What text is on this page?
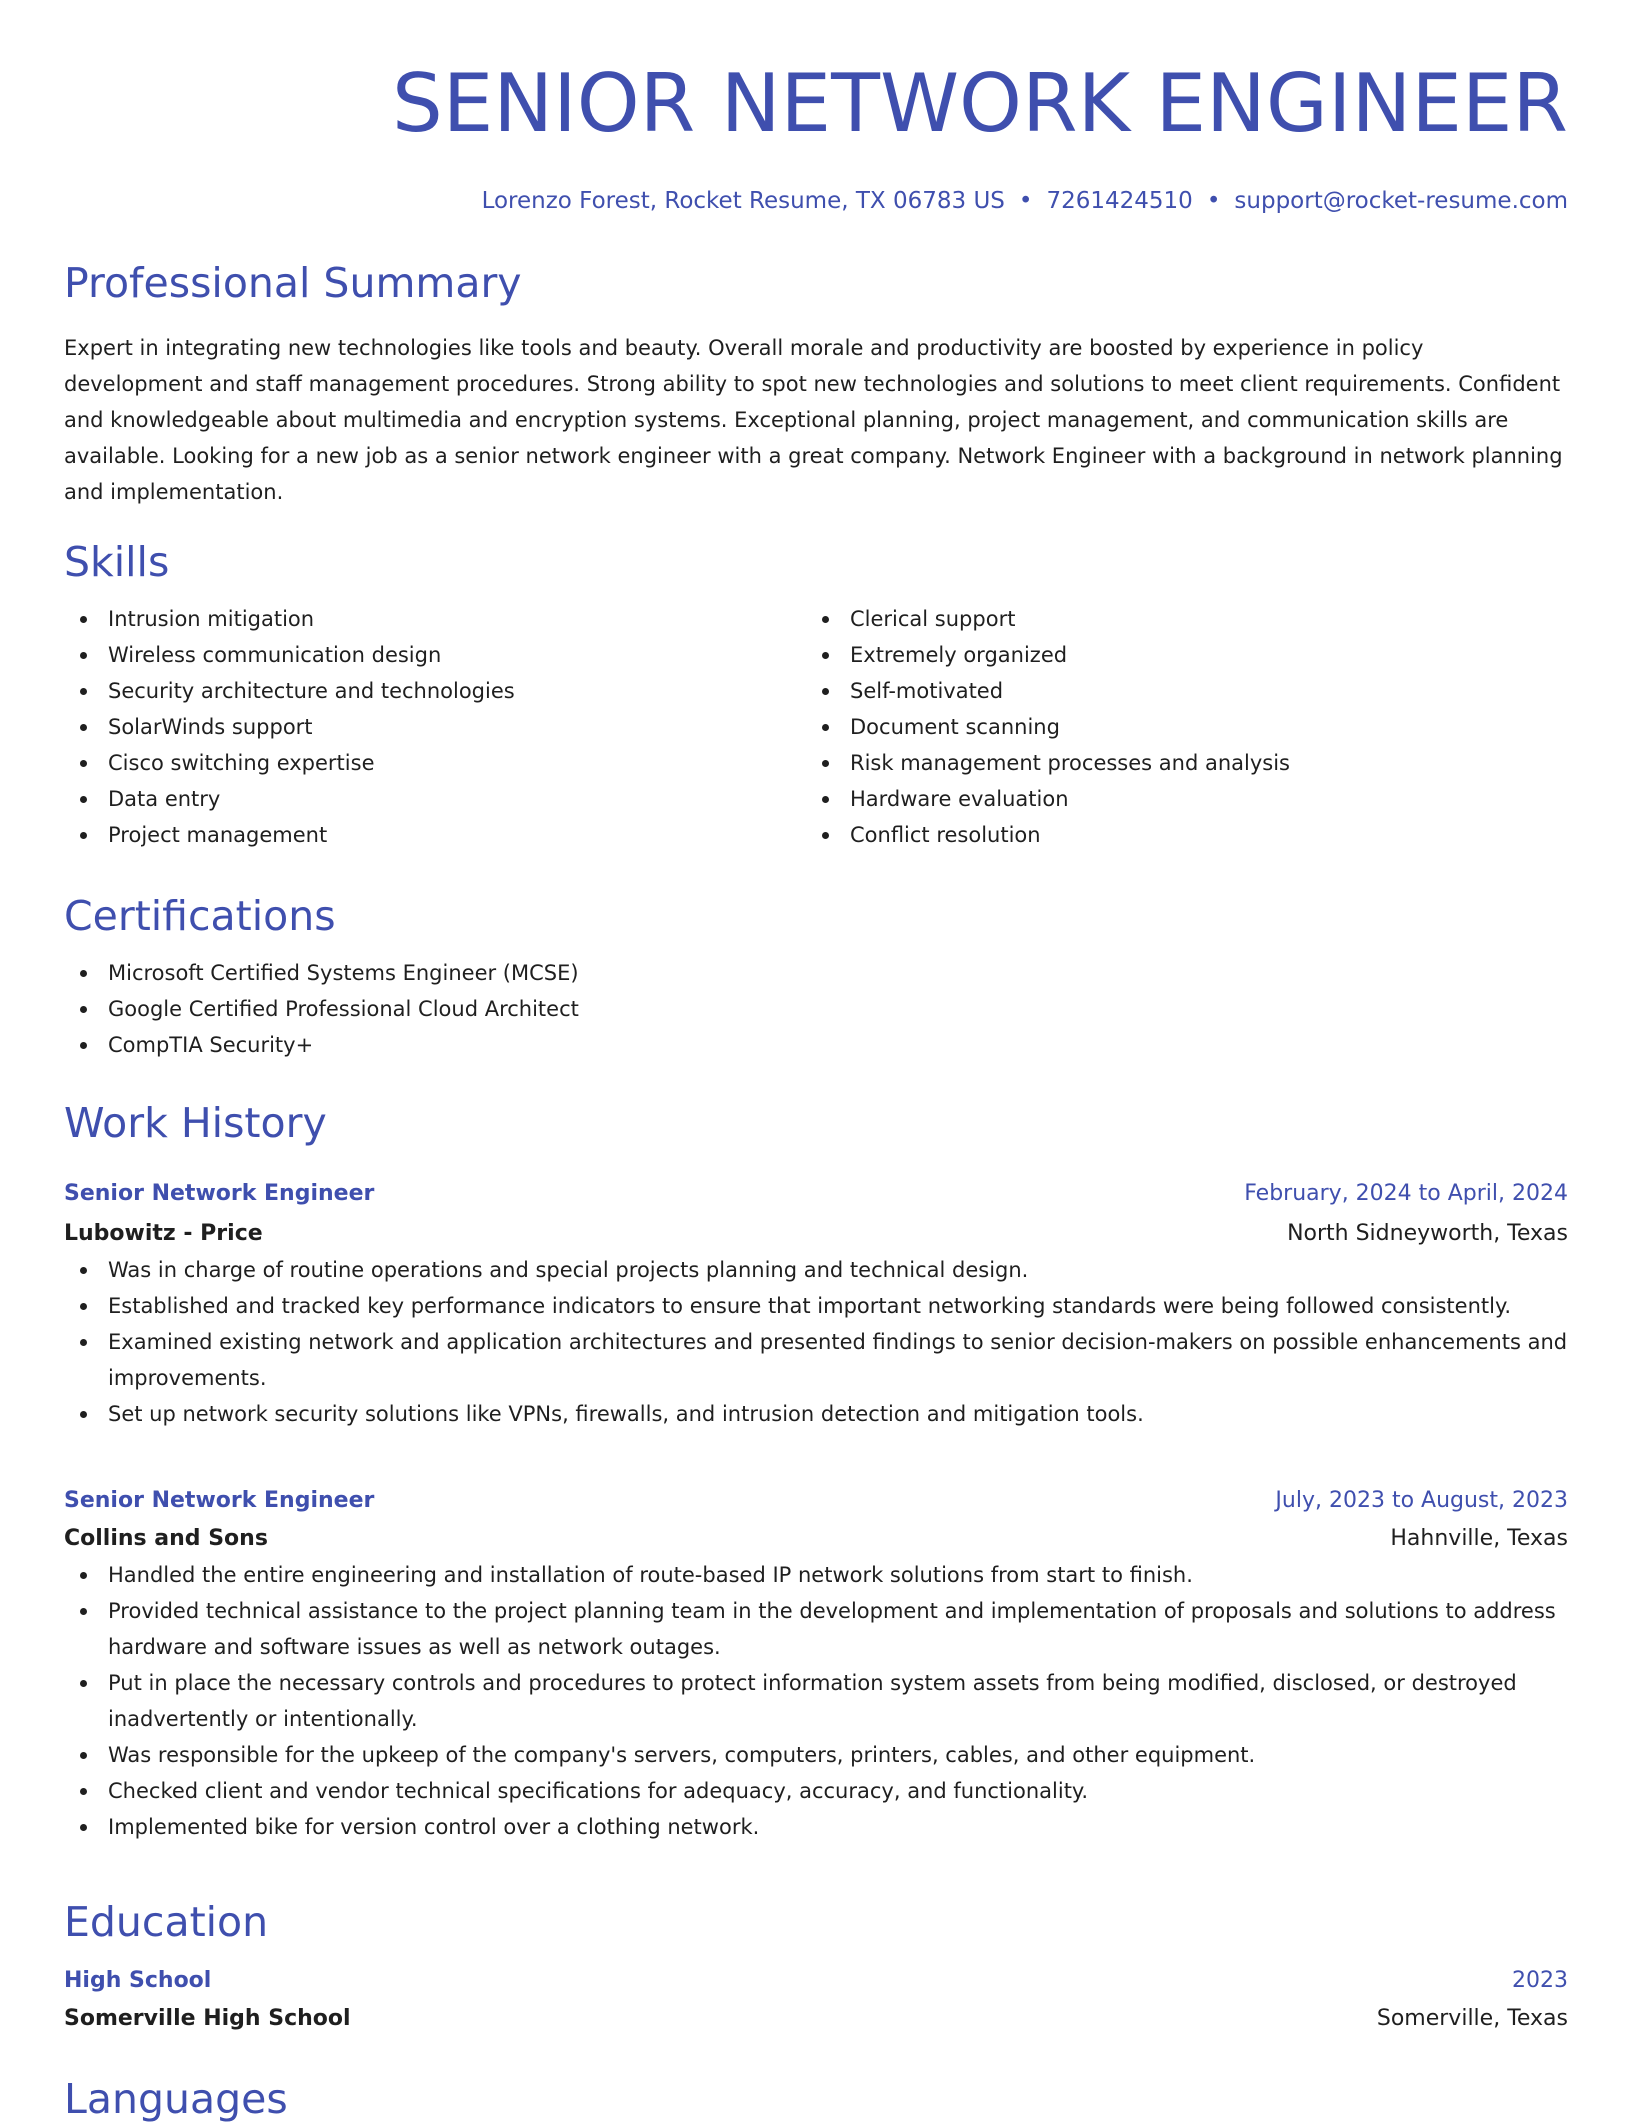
SENIOR NETWORK ENGINEER
Lorenzo Forest, Rocket Resume, TX 06783 US • 7261424510 • support@rocket-resume.com
Professional Summary

Expert in integrating new technologies like tools and beauty. Overall morale and productivity are boosted by experience in policy development and staff management procedures. Strong ability to spot new technologies and solutions to meet client requirements. Confident and knowledgeable about multimedia and encryption systems. Exceptional planning, project management, and communication skills are available. Looking for a new job as a senior network engineer with a great company. Network Engineer with a background in network planning and implementation.

Skills
Intrusion mitigation
Wireless communication design
Security architecture and technologies
SolarWinds support
Cisco switching expertise
Data entry
Project management
Clerical support
Extremely organized
Self-motivated
Document scanning
Risk management processes and analysis
Hardware evaluation
Conflict resolution
Certifications
Microsoft Certified Systems Engineer (MCSE)
Google Certified Professional Cloud Architect
CompTIA Security+
Work History
Senior Network Engineer	February, 2024 to April, 2024
Lubowitz - Price	North Sidneyworth, Texas
Was in charge of routine operations and special projects planning and technical design.
Established and tracked key performance indicators to ensure that important networking standards were being followed consistently.
Examined existing network and application architectures and presented findings to senior decision-makers on possible enhancements and improvements.
Set up network security solutions like VPNs, firewalls, and intrusion detection and mitigation tools.
Senior Network Engineer	July, 2023 to August, 2023
Collins and Sons	Hahnville, Texas
Handled the entire engineering and installation of route-based IP network solutions from start to finish.
Provided technical assistance to the project planning team in the development and implementation of proposals and solutions to address hardware and software issues as well as network outages.
Put in place the necessary controls and procedures to protect information system assets from being modified, disclosed, or destroyed inadvertently or intentionally.
Was responsible for the upkeep of the company's servers, computers, printers, cables, and other equipment.
Checked client and vendor technical specifications for adequacy, accuracy, and functionality.
Implemented bike for version control over a clothing network.
Education
High School	2023
Somerville High School	Somerville, Texas
Languages
